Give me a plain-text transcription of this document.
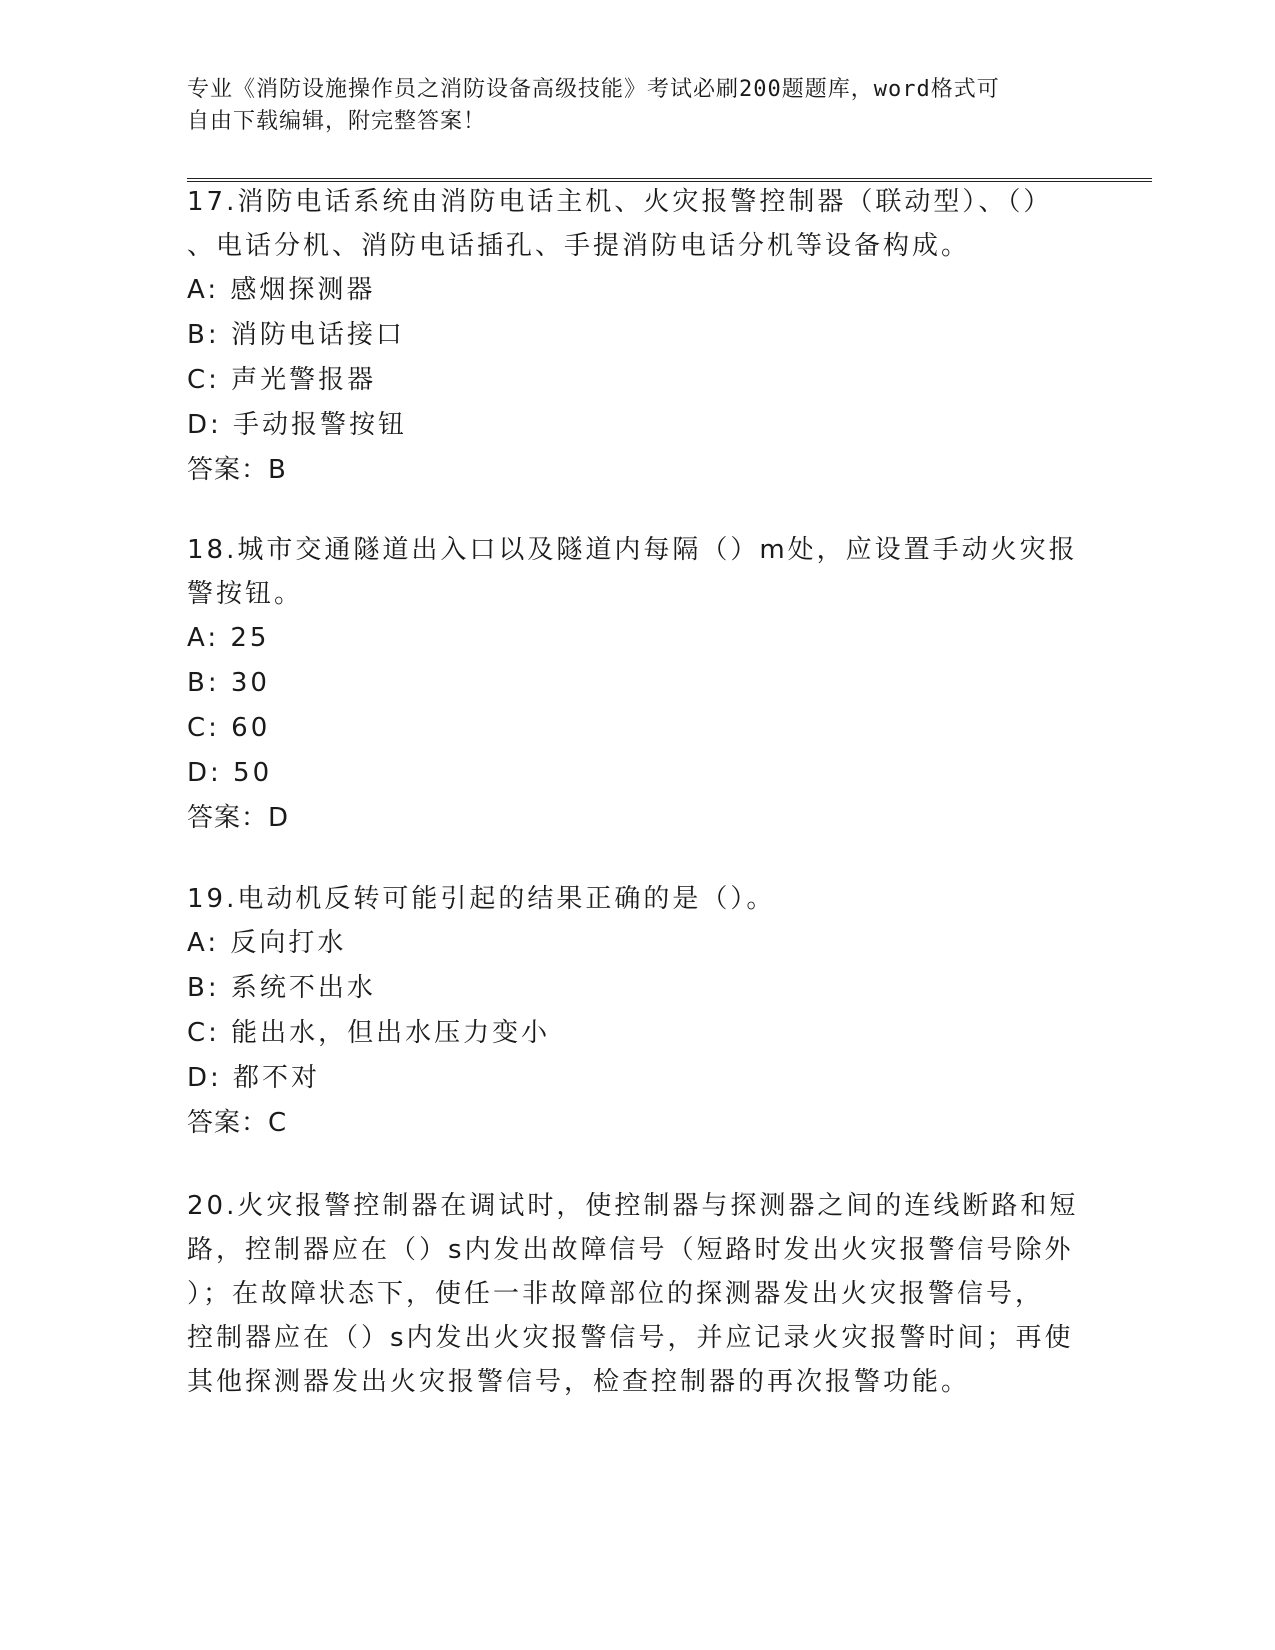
专业《消防设施操作员之消防设备高级技能》考试必刷200题题库，word格式可
自由下载编辑，附完整答案！
17.消防电话系统由消防电话主机、火灾报警控制器（联动型）、（）
、电话分机、消防电话插孔、手提消防电话分机等设备构成。
A: 感烟探测器
B: 消防电话接口
C: 声光警报器
D: 手动报警按钮
答案：B
18.城市交通隧道出入口以及隧道内每隔（）m处，应设置手动火灾报
警按钮。
A: 25
B: 30
C: 60
D: 50
答案：D
19.电动机反转可能引起的结果正确的是（）。
A: 反向打水
B: 系统不出水
C: 能出水，但出水压力变小
D: 都不对
答案：C
20.火灾报警控制器在调试时，使控制器与探测器之间的连线断路和短
路，控制器应在（）s内发出故障信号（短路时发出火灾报警信号除外
）；在故障状态下，使任一非故障部位的探测器发出火灾报警信号，
控制器应在（）s内发出火灾报警信号，并应记录火灾报警时间；再使
其他探测器发出火灾报警信号，检查控制器的再次报警功能。
